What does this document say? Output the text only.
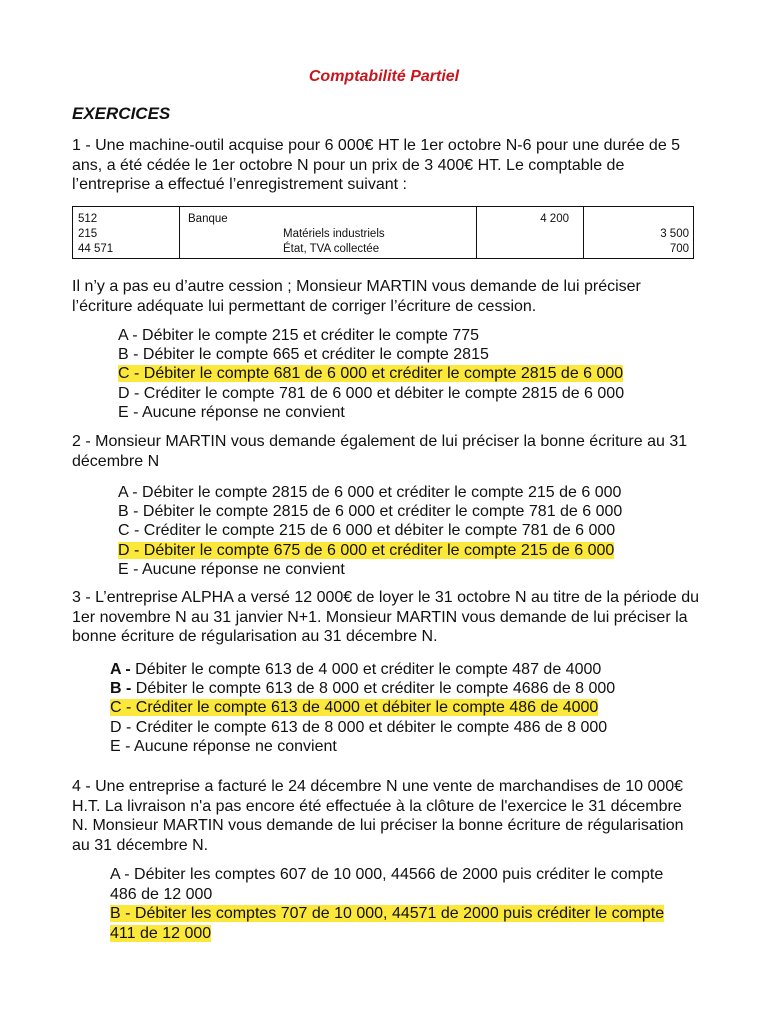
Comptabilité Partiel
EXERCICES
1 - Une machine-outil acquise pour 6 000€ HT le 1er octobre N-6 pour une durée de 5 ans, a été cédée le 1er octobre N pour un prix de 3 400€ HT. Le comptable de l’entreprise a effectué l’enregistrement suivant :
512
215
44 571
Banque
Matériels industriels
État, TVA collectée
4 200
3 500
700
Il n’y a pas eu d’autre cession ; Monsieur MARTIN vous demande de lui préciser l’écriture adéquate lui permettant de corriger l’écriture de cession.
A - Débiter le compte 215 et créditer le compte 775
B - Débiter le compte 665 et créditer le compte 2815
C - Débiter le compte 681 de 6 000 et créditer le compte 2815 de 6 000
D - Créditer le compte 781 de 6 000 et débiter le compte 2815 de 6 000
E - Aucune réponse ne convient
2 - Monsieur MARTIN vous demande également de lui préciser la bonne écriture au 31 décembre N
A - Débiter le compte 2815 de 6 000 et créditer le compte 215 de 6 000
B - Débiter le compte 2815 de 6 000 et créditer le compte 781 de 6 000
C - Créditer le compte 215 de 6 000 et débiter le compte 781 de 6 000
D - Débiter le compte 675 de 6 000 et créditer le compte 215 de 6 000
E - Aucune réponse ne convient
3 - L’entreprise ALPHA a versé 12 000€ de loyer le 31 octobre N au titre de la période du 1er novembre N au 31 janvier N+1. Monsieur MARTIN vous demande de lui préciser la bonne écriture de régularisation au 31 décembre N.
A - Débiter le compte 613 de 4 000 et créditer le compte 487 de 4000
B - Débiter le compte 613 de 8 000 et créditer le compte 4686 de 8 000
C - Créditer le compte 613 de 4000 et débiter le compte 486 de 4000
D - Créditer le compte 613 de 8 000 et débiter le compte 486 de 8 000
E - Aucune réponse ne convient
4 - Une entreprise a facturé le 24 décembre N une vente de marchandises de 10 000€ H.T. La livraison n'a pas encore été effectuée à la clôture de l'exercice le 31 décembre N. Monsieur MARTIN vous demande de lui préciser la bonne écriture de régularisation au 31 décembre N.
A - Débiter les comptes 607 de 10 000, 44566 de 2000 puis créditer le compte
486 de 12 000
B - Débiter les comptes 707 de 10 000, 44571 de 2000 puis créditer le compte
411 de 12 000
